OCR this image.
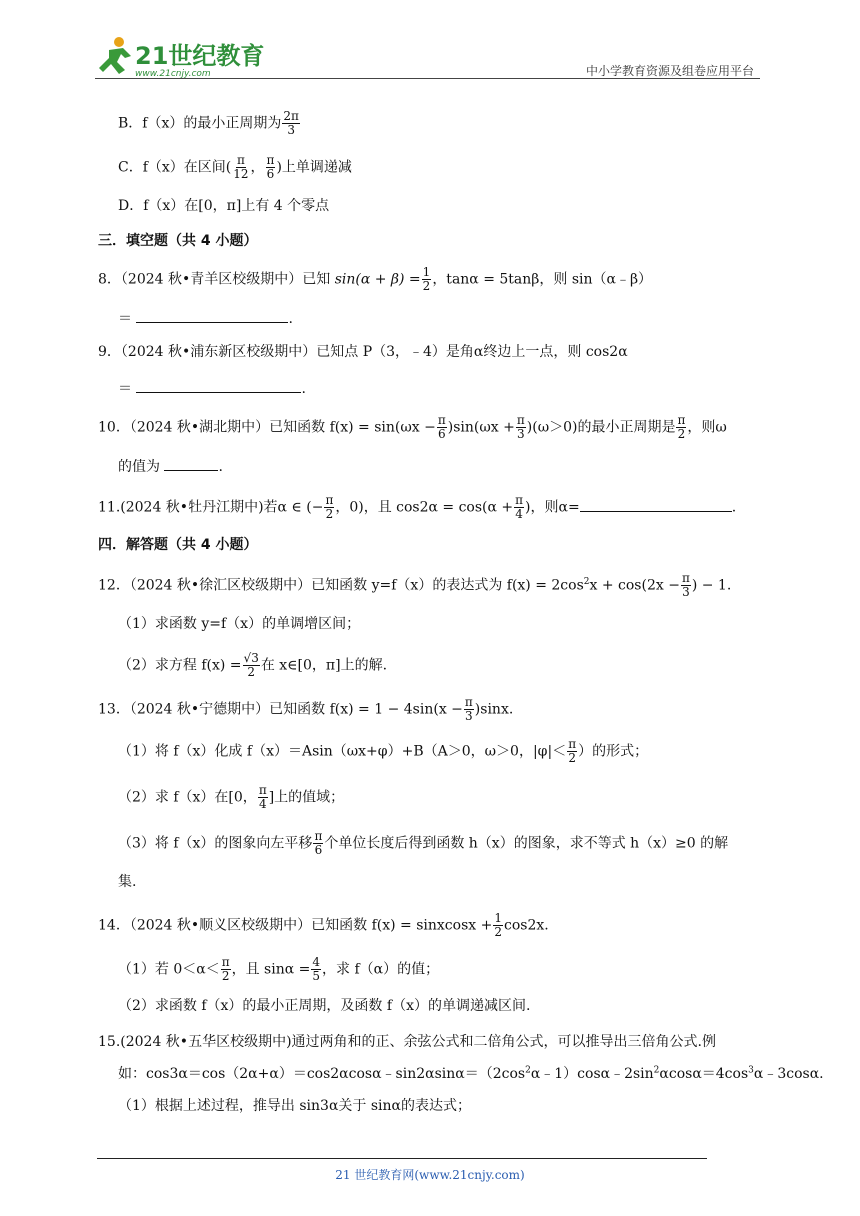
21世纪教育
www.21cnjy.com	中小学教育资源及组卷应用平台
B．f（x）的最小正周期为 $\frac{2\pi}{3}$
C．f（x）在区间( $\frac{\pi}{12}$ ， $\frac{\pi}{6}$ )上单调递减
D．f（x）在[0，π]上有 4 个零点
三．填空题（共 4 小题）
8．（2024 秋•青羊区校级期中）已知 $\sin(\alpha + \beta) = \frac{1}{2}$ ，tanα = 5tanβ，则 sin（α﹣β）
＝	.
9．（2024 秋•浦东新区校级期中）已知点 P（3，﹣4）是角α终边上一点，则 cos2α
＝	.
10．（2024 秋•湖北期中）已知函数 $f(x) = \sin(\omega x - \frac{\pi}{6} )\sin(\omega x + \frac{\pi}{3} )(\omega>0)$的最小正周期是 $\frac{\pi}{2}$ ，则ω
的值为	.
11.(2024 秋•牡丹江期中)若α ∈ (− $\frac{\pi}{2}$ ，0)，且 $\cos 2\alpha = \cos(\alpha + \frac{\pi}{4}$ )，则α=	.
四．解答题（共 4 小题）
12．（2024 秋•徐汇区校级期中）已知函数 y=f（x）的表达式为 $f(x) = 2\cos^2x + \cos(2x - \frac{\pi}{3}$ ) − 1.
（1）求函数 y=f（x）的单调增区间；
（2）求方程 $f(x) = \frac{√3}{2}$ 在 x∈[0，π]上的解.
13．（2024 秋•宁德期中）已知函数 $f(x) = 1 - 4\sin(x - \frac{\pi}{3} )\sin x$.
（1）将 f（x）化成 f（x）＝Asin（ωx+φ）+B（A＞0，ω＞0，$|\varphi|< \frac{\pi}{2}$ ）的形式；
（2）求 f（x）在[0， $\frac{\pi}{4}$ ]上的值域；
（3）将 f（x）的图象向左平移 $\frac{\pi}{6}$ 个单位长度后得到函数 h（x）的图象，求不等式 h（x）≥0 的解
集.
14．（2024 秋•顺义区校级期中）已知函数 f(x) = sinxcosx + $\frac{1}{2} \cos 2x$.
（1）若 $0<\alpha< \frac{\pi}{2}$ ，且 $\sin\alpha = \frac{4}{5}$ ，求 f（α）的值；
（2）求函数 f（x）的最小正周期，及函数 f（x）的单调递减区间.
15.(2024 秋•五华区校级期中)通过两角和的正、余弦公式和二倍角公式，可以推导出三倍角公式.例
如：$\cos 3\alpha=\cos(2\alpha+\alpha)=\cos 2\alpha\cos\alpha﹣\sin 2\alpha\sin\alpha=(2\cos^2\alpha﹣1)\cos\alpha﹣2\sin^2\alpha\cos\alpha=4\cos^3\alpha﹣3\cos\alpha$.
（1）根据上述过程，推导出 sin3α关于 sinα的表达式；
21 世纪教育网(www.21cnjy.com)
